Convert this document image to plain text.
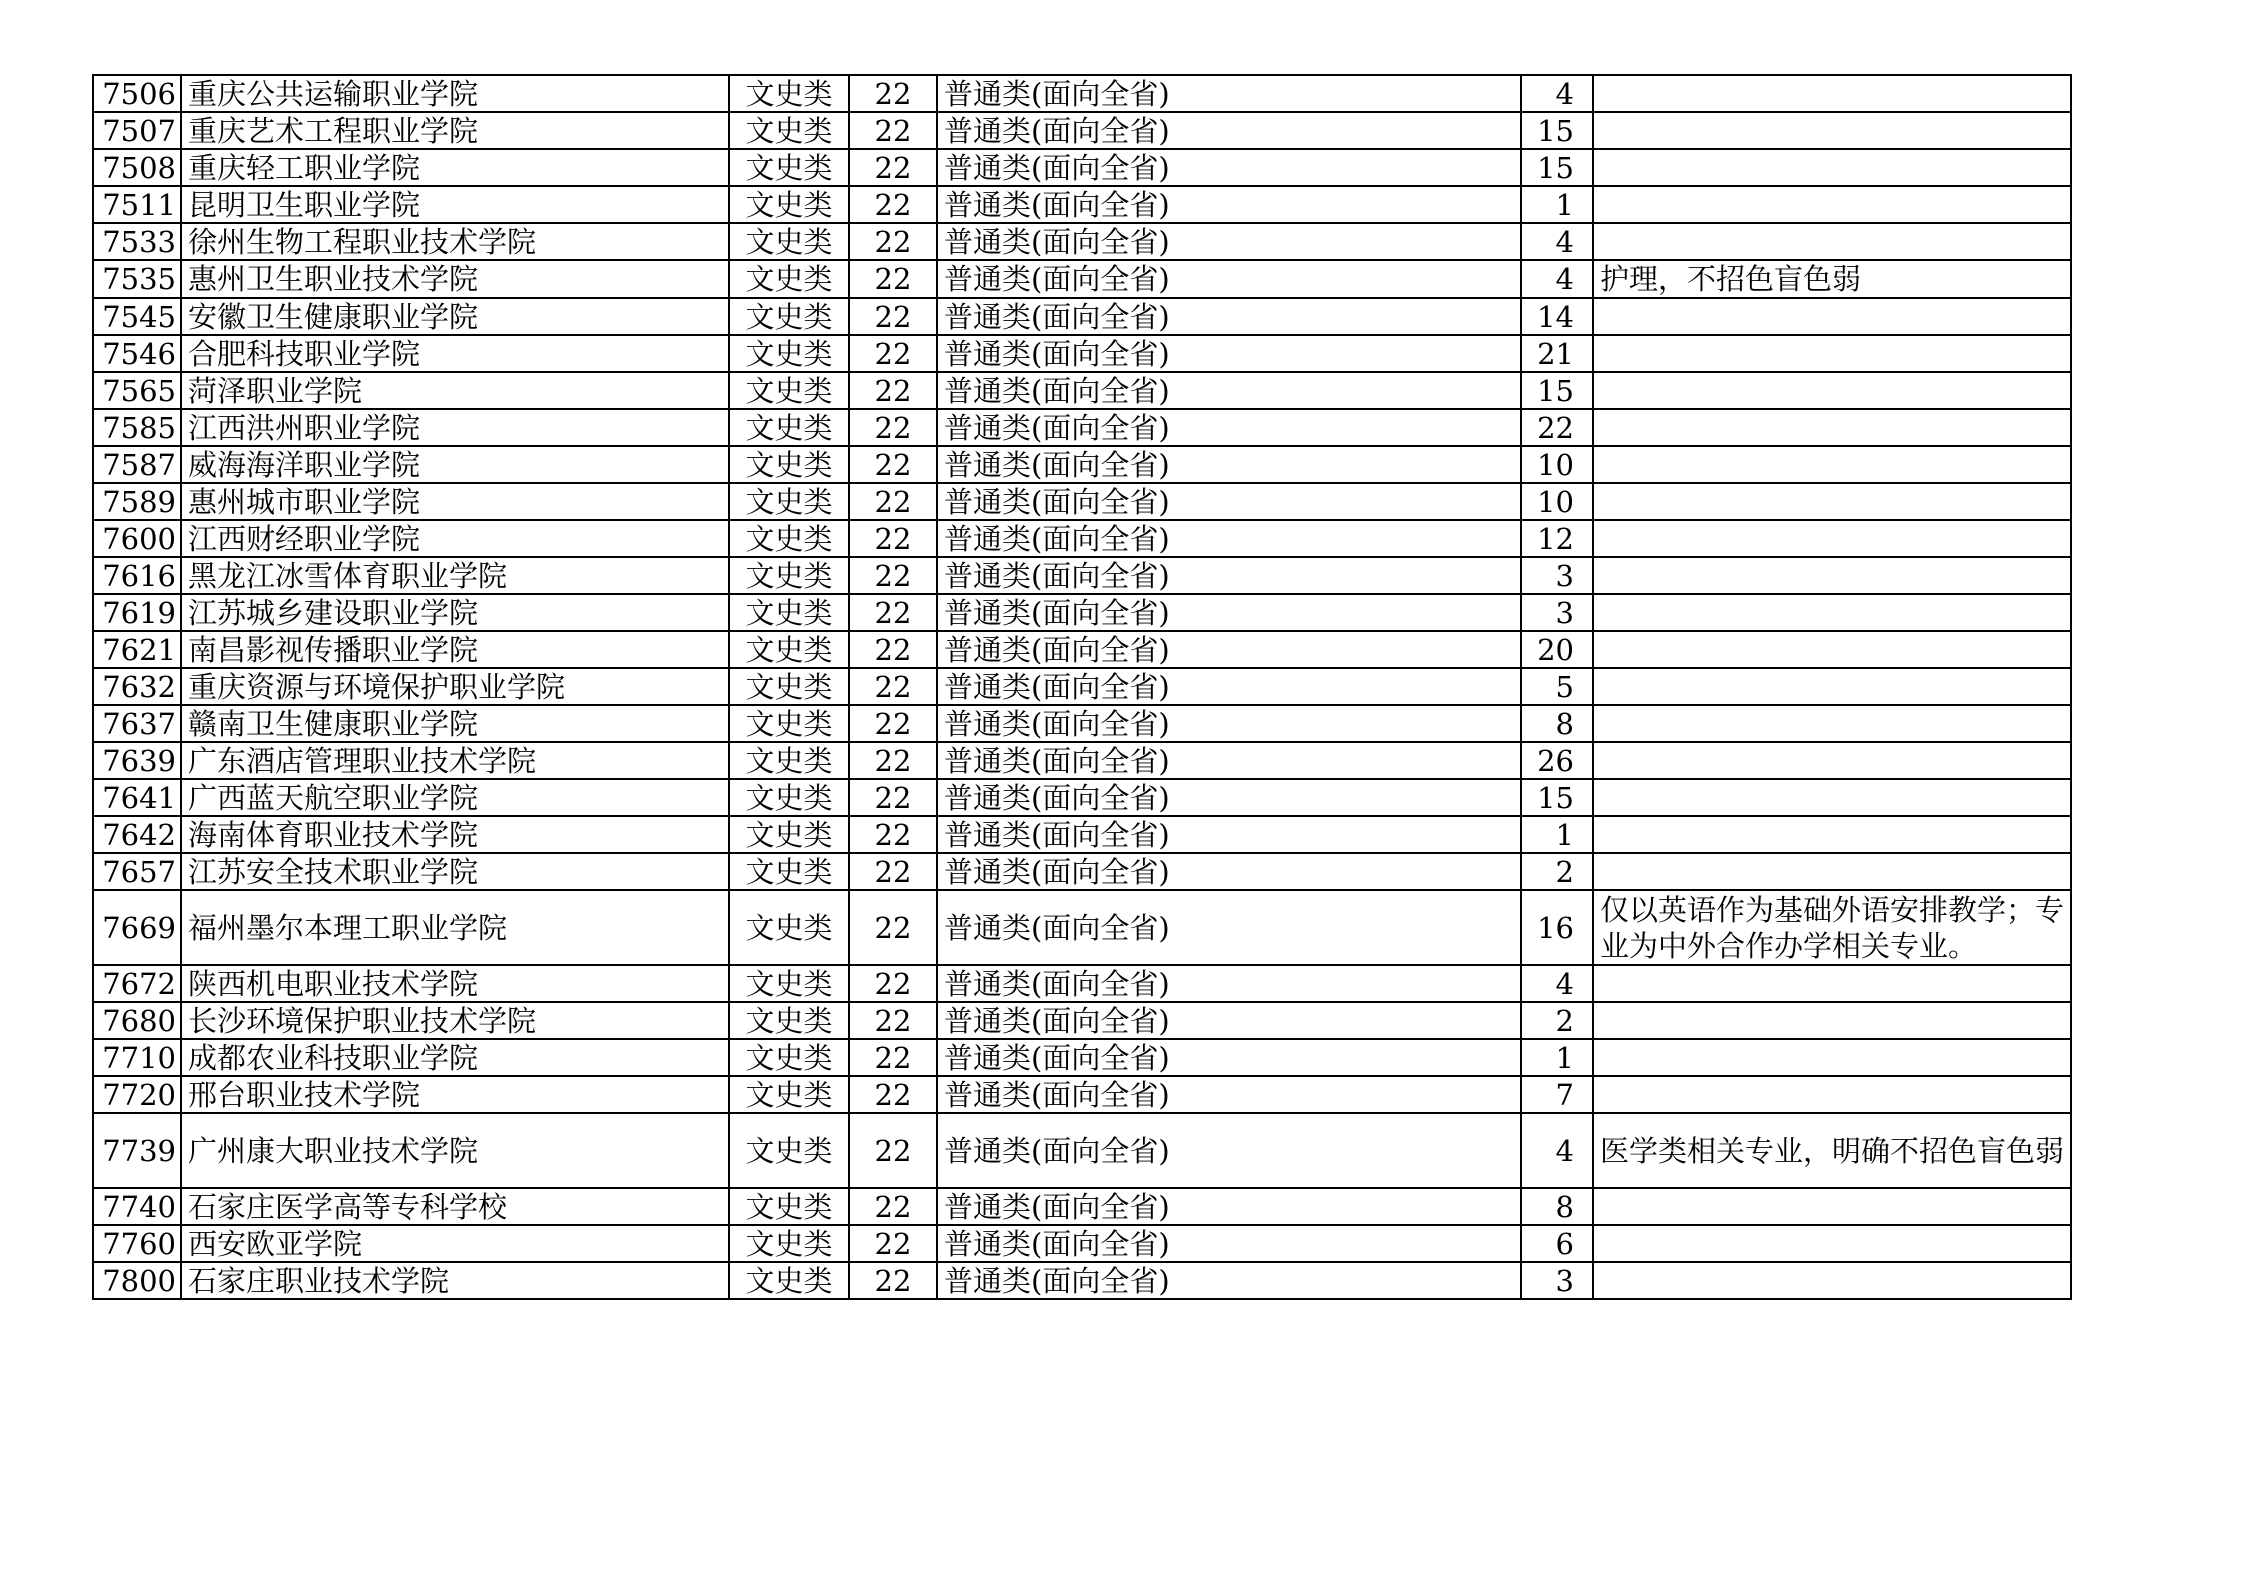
7506	重庆公共运输职业学院	文史类	22	普通类(面向全省)	4	
7507	重庆艺术工程职业学院	文史类	22	普通类(面向全省)	15	
7508	重庆轻工职业学院	文史类	22	普通类(面向全省)	15	
7511	昆明卫生职业学院	文史类	22	普通类(面向全省)	1	
7533	徐州生物工程职业技术学院	文史类	22	普通类(面向全省)	4	
7535	惠州卫生职业技术学院	文史类	22	普通类(面向全省)	4	护理，不招色盲色弱
7545	安徽卫生健康职业学院	文史类	22	普通类(面向全省)	14	
7546	合肥科技职业学院	文史类	22	普通类(面向全省)	21	
7565	菏泽职业学院	文史类	22	普通类(面向全省)	15	
7585	江西洪州职业学院	文史类	22	普通类(面向全省)	22	
7587	威海海洋职业学院	文史类	22	普通类(面向全省)	10	
7589	惠州城市职业学院	文史类	22	普通类(面向全省)	10	
7600	江西财经职业学院	文史类	22	普通类(面向全省)	12	
7616	黑龙江冰雪体育职业学院	文史类	22	普通类(面向全省)	3	
7619	江苏城乡建设职业学院	文史类	22	普通类(面向全省)	3	
7621	南昌影视传播职业学院	文史类	22	普通类(面向全省)	20	
7632	重庆资源与环境保护职业学院	文史类	22	普通类(面向全省)	5	
7637	赣南卫生健康职业学院	文史类	22	普通类(面向全省)	8	
7639	广东酒店管理职业技术学院	文史类	22	普通类(面向全省)	26	
7641	广西蓝天航空职业学院	文史类	22	普通类(面向全省)	15	
7642	海南体育职业技术学院	文史类	22	普通类(面向全省)	1	
7657	江苏安全技术职业学院	文史类	22	普通类(面向全省)	2	
7669	福州墨尔本理工职业学院	文史类	22	普通类(面向全省)	16	仅以英语作为基础外语安排教学；专业为中外合作办学相关专业。
7672	陕西机电职业技术学院	文史类	22	普通类(面向全省)	4	
7680	长沙环境保护职业技术学院	文史类	22	普通类(面向全省)	2	
7710	成都农业科技职业学院	文史类	22	普通类(面向全省)	1	
7720	邢台职业技术学院	文史类	22	普通类(面向全省)	7	
7739	广州康大职业技术学院	文史类	22	普通类(面向全省)	4	医学类相关专业，明确不招色盲色弱
7740	石家庄医学高等专科学校	文史类	22	普通类(面向全省)	8	
7760	西安欧亚学院	文史类	22	普通类(面向全省)	6	
7800	石家庄职业技术学院	文史类	22	普通类(面向全省)	3	
